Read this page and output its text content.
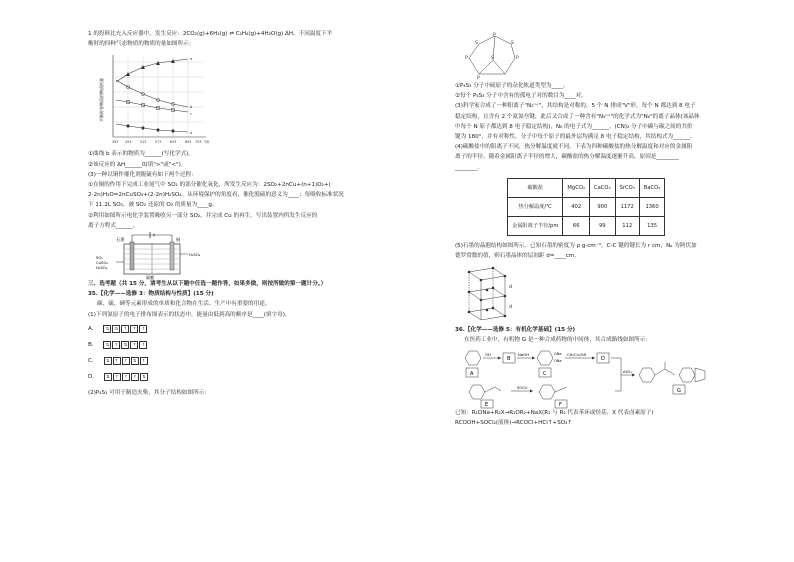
1 的投料比充入反应器中，发生反应：2CO₂(g)+6H₂(g) ⇌ C₂H₄(g)+4H₂O(g) ΔH，不同温度下平

衡时的四种气态物质的物质的量如图所示：

平衡时各物质的物质的量
a
b
c
d
393 453	513	573	633	693 753 T/K

①曲线 b 表示的物质为______(写化学式)。

②该反应的 ΔH______0(填">"或"<")。

(3)一种以铜作催化剂脱硫有如下两个过程：

①在铜的作用下完成工业尾气中 SO₂ 的部分催化氧化，所发生反应为：2SO₂+2nCu+(n+1)O₂+(

2-2n)H₂O=2nCuSO₄+(2-2n)H₂SO₄。从环境保护的角度看，催化脱硫的意义为____；每吸收标准状况

下 11.2L SO₂，被 SO₂ 还原的 O₂ 的质量为____g。

②利用如图所示电化学装置吸收另一部分 SO₂，并完成 Cu 的再生。写出装置内所发生反应的

离子方程式______。

石墨	铜
SO₂
CuSO₄
H₂SO₄
H₂SO₄
隔膜

三、选考题（共 15 分，请考生从以下题中任选一题作答，如果多做，则按所做的第一题计分。）

35.【化学——选修 3：物质结构与性质】(15 分)

碳、硫、砷等元素形成的单质和化合物在生活、生产中有重要的用途。

(1)下列氮原子的电子排布图表示的状态中，能量由低到高的顺序是____(填字母)。

A．	⇅	⇅	↑	↑	↑
B．	⇅	↑	⇅	↑	↑
C．	⇅	↑	↑	⇅	↑
D．	⇅	↑	↑	↑	⇅

(2)P₄S₃ 可用于制造火柴，其分子结构如图所示：

P
S	S
P	P
S
P

①P₄S₃ 分子中硫原子的杂化轨道类型为____。

②每个 P₄S₃ 分子中含有的孤电子对的数目为____对。

(3)科学家合成了一种阳离子"N₅ⁿ⁺"，其结构是对称的，5 个 N 排成"V"形，每个 N 都达到 8 电子

稳定结构，且含有 2 个氮氮叁键，此后又合成了一种含有"N₅ⁿ⁺"的化学式为"N₈"的离子晶体(该晶体

中每个 N 原子都达到 8 电子稳定结构)，N₈ 的电子式为______。(CN)₂ 分子中碳与碳之间的共价

键为 180°，并有对称性，分子中每个原子的最外层均满足 8 电子稳定结构，其结构式为______。

(4)碳酸盐中的阳离子不同，热分解温度就不同。下表为四种碳酸盐的热分解温度和对应的金属阳

离子的半径。随着金属阳离子半径的增大，碳酸盐的热分解温度逐渐升高，原因是________

________。

碳酸盐	MgCO₃	CaCO₃	SrCO₃	BaCO₃
热分解温度/℃	402	900	1172	1360
金属阳离子半径/pm	66	99	112	135

(5)石墨的晶胞结构如图所示。已知石墨的密度为 ρ g·cm⁻³，C-C 键的键长为 r cm，Nₐ 为阿伏加

德罗常数的值，则石墨晶体的层间距 d=____cm。

d
d

36.【化学——选修 5：有机化学基础】(15 分)

在医药工业中，有机物 G 是一种合成药物的中间体，其合成路线如图所示：

A
OH
B
NaOH	ONa
ONa
C
CH₂Cl₂/OH
D
AlCl₃
G
E
SOCl₂
F

已知：R₁ONa+R₂X→R₁OR₂+NaX(R₁ 与 R₂ 代表苯环或烃基、X 代表卤素原子)

RCOOH+SOCl₂(液体)→RCOCl+HCl↑+SO₂↑
